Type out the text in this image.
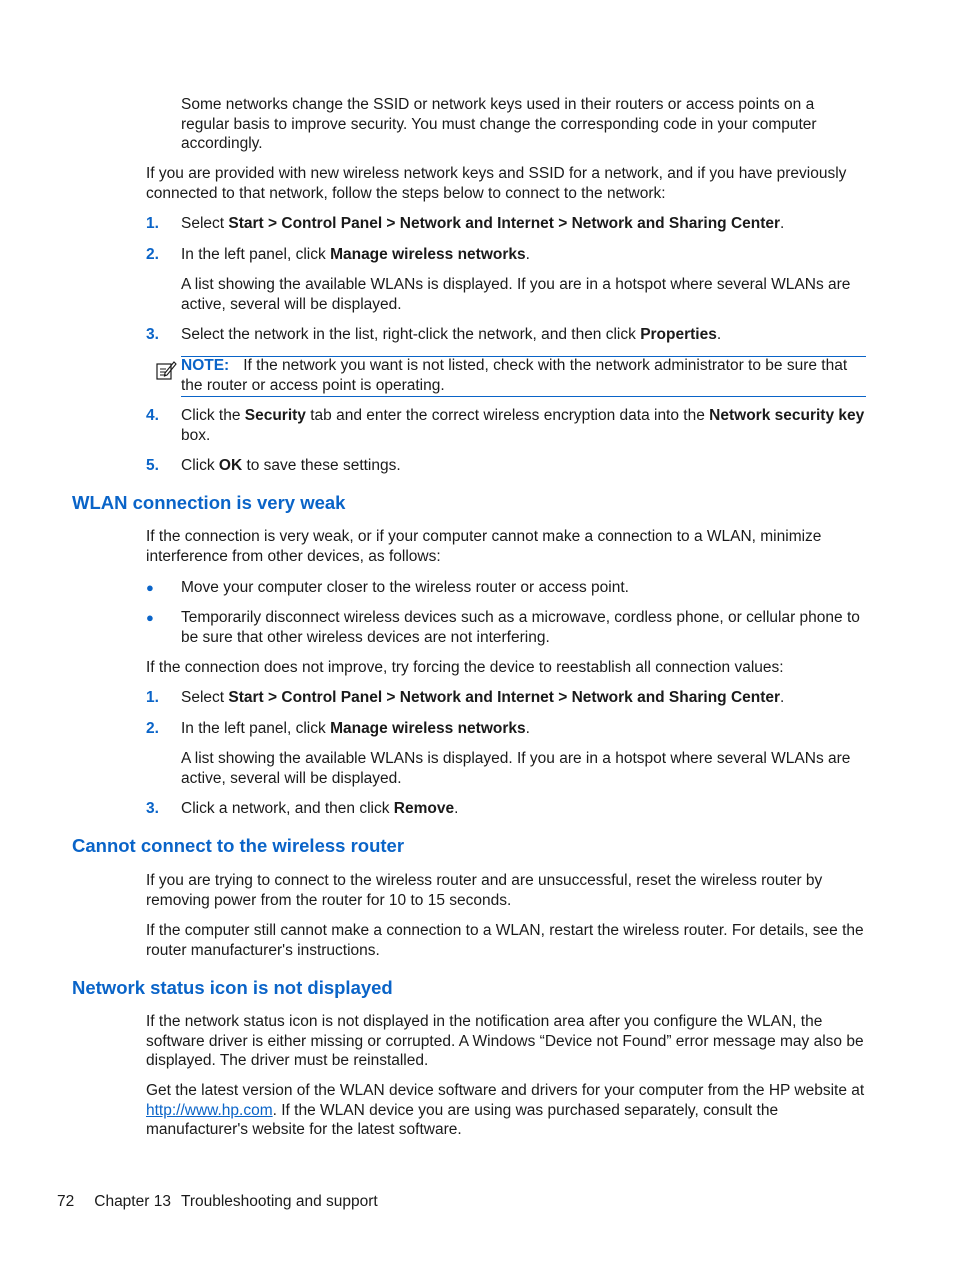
Some networks change the SSID or network keys used in their routers or access points on a regular basis to improve security. You must change the corresponding code in your computer accordingly.

If you are provided with new wireless network keys and SSID for a network, and if you have previously connected to that network, follow the steps below to connect to the network:

1. Select Start > Control Panel > Network and Internet > Network and Sharing Center.

2. In the left panel, click Manage wireless networks.

A list showing the available WLANs is displayed. If you are in a hotspot where several WLANs are active, several will be displayed.

3. Select the network in the list, right-click the network, and then click Properties.

NOTE: If the network you want is not listed, check with the network administrator to be sure that the router or access point is operating.

4. Click the Security tab and enter the correct wireless encryption data into the Network security key box.

5. Click OK to save these settings.

WLAN connection is very weak

If the connection is very weak, or if your computer cannot make a connection to a WLAN, minimize interference from other devices, as follows:

● Move your computer closer to the wireless router or access point.

● Temporarily disconnect wireless devices such as a microwave, cordless phone, or cellular phone to be sure that other wireless devices are not interfering.

If the connection does not improve, try forcing the device to reestablish all connection values:

1. Select Start > Control Panel > Network and Internet > Network and Sharing Center.

2. In the left panel, click Manage wireless networks.

A list showing the available WLANs is displayed. If you are in a hotspot where several WLANs are active, several will be displayed.

3. Click a network, and then click Remove.

Cannot connect to the wireless router

If you are trying to connect to the wireless router and are unsuccessful, reset the wireless router by removing power from the router for 10 to 15 seconds.

If the computer still cannot make a connection to a WLAN, restart the wireless router. For details, see the router manufacturer's instructions.

Network status icon is not displayed

If the network status icon is not displayed in the notification area after you configure the WLAN, the software driver is either missing or corrupted. A Windows “Device not Found” error message may also be displayed. The driver must be reinstalled.

Get the latest version of the WLAN device software and drivers for your computer from the HP website at http://www.hp.com. If the WLAN device you are using was purchased separately, consult the manufacturer's website for the latest software.

72 Chapter 13 Troubleshooting and support
